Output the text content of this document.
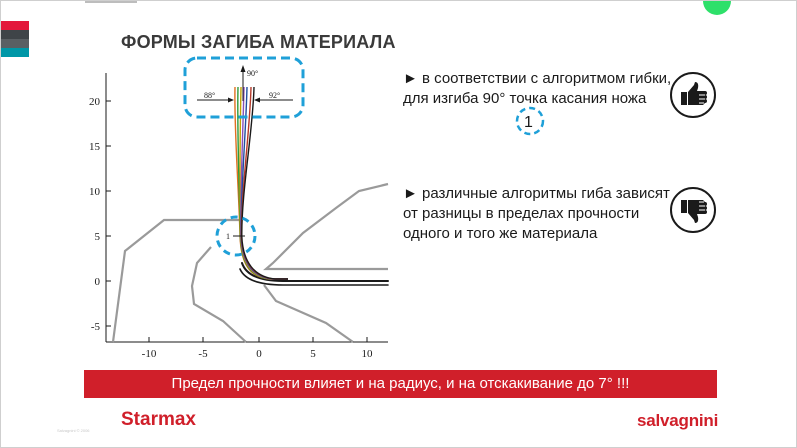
ФОРМЫ ЗАГИБА МАТЕРИАЛА
20
15
10
5
0
-5
-10	-5	0	5	10
90°
88°	92°
1
1
► в соответствии с алгоритмом гибки, для изгиба 90° точка касания ножа
► различные алгоритмы гиба зависят от разницы в пределах прочности одного и того же материала
Предел прочности влияет и на радиус, и на отскакивание до 7° !!!
Starmax	salvagnini
Salvagnini © 2006
